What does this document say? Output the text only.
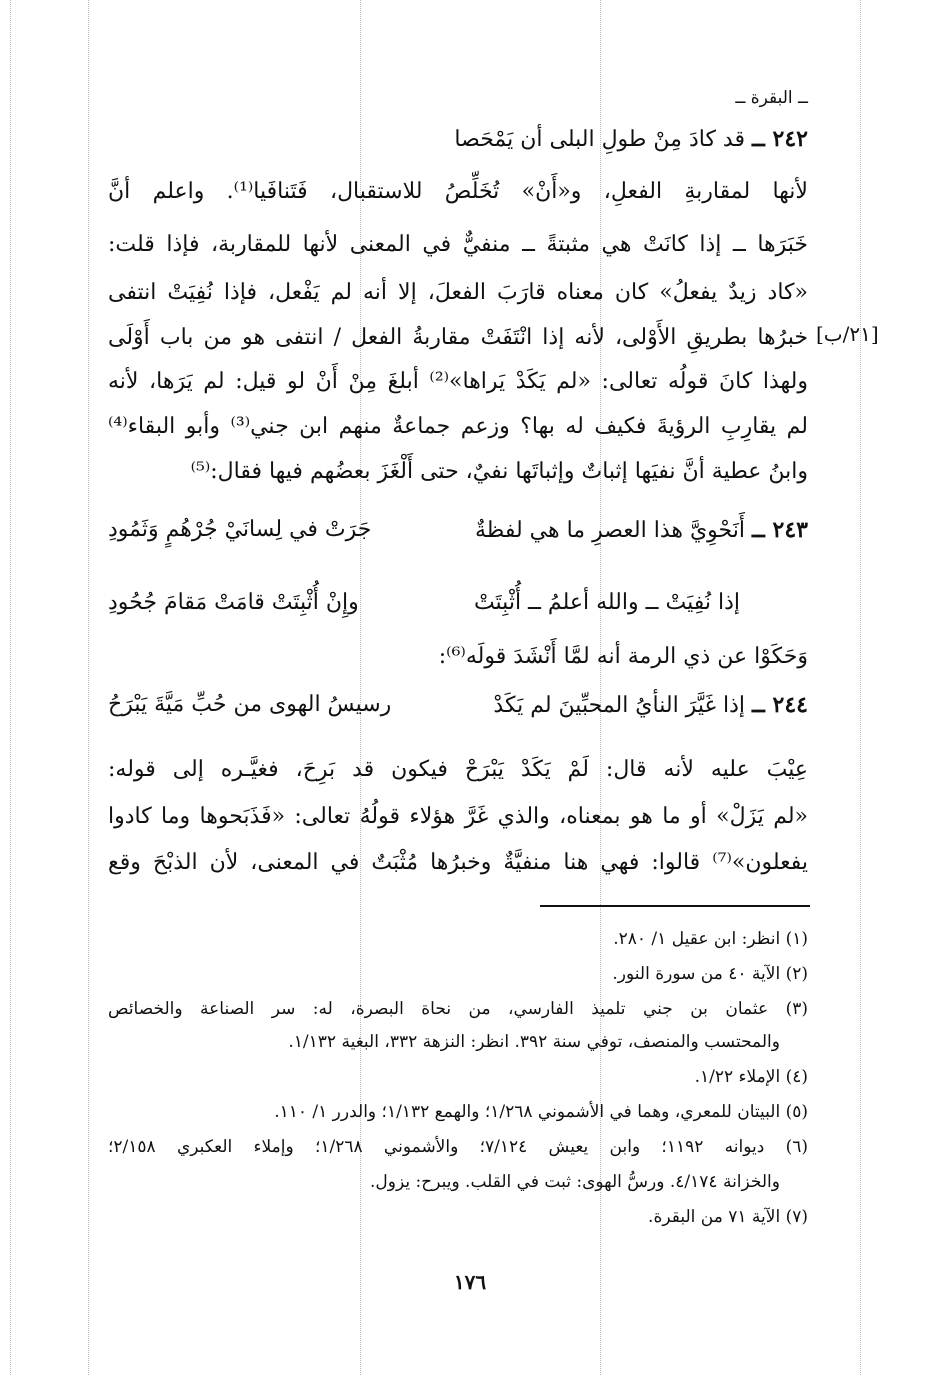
ــ البقرة ــ
٢٤٢ ــ قد كادَ مِنْ طولِ البلى أن يَمْحَصا
لأنها لمقاربةِ الفعلِ، و«أَنْ» تُخَلِّصُ للاستقبال، فَتَنافَيا⁽¹⁾. واعلم أنَّ
خَبَرَها ــ إذا كانَتْ هي مثبتةً ــ منفيٌّ في المعنى لأنها للمقاربة، فإذا قلت:
«كاد زيدٌ يفعلُ» كان معناه قارَبَ الفعلَ، إلا أنه لم يَفْعل، فإذا نُفِيَتْ انتفى
خبرُها بطريقِ الأَوْلى، لأنه إذا انْتَفَتْ مقاربةُ الفعل / انتفى هو من باب أَوْلَى
ولهذا كانَ قولُه تعالى: «لم يَكَدْ يَراها»⁽²⁾ أبلغَ مِنْ أَنْ لو قيل: لم يَرَها، لأنه
لم يقارِبِ الرؤيةَ فكيف له بها؟ وزعم جماعةٌ منهم ابن جني⁽³⁾ وأبو البقاء⁽⁴⁾
وابنُ عطية أنَّ نفيَها إثباتٌ وإثباتَها نفيٌ، حتى أَلْغَزَ بعضُهم فيها فقال:⁽⁵⁾
[٢١/ب]
٢٤٣ ــ أَنَحْوِيَّ هذا العصرِ ما هي لفظةٌ
جَرَتْ في لِسانَيْ جُرْهُمٍ وَثَمُودِ
إذا نُفِيَتْ ــ والله أعلمُ ــ أُثْبِتَتْ
وإِنْ أُثْبِتَتْ قامَتْ مَقامَ جُحُودِ
وَحَكَوْا عن ذي الرمة أنه لمَّا أَنْشَدَ قولَه⁽⁶⁾:
٢٤٤ ــ إذا غَيَّرَ النأيُ المحبِّينَ لم يَكَدْ
رسيسُ الهوى من حُبِّ مَيَّةَ يَبْرَحُ
عِيْبَ عليه لأنه قال: لَمْ يَكَدْ يَبْرَحْ فيكون قد بَرِحَ، فغيَّـره إلى قوله:
«لم يَزَلْ» أو ما هو بمعناه، والذي غَرَّ هؤلاء قولُهُ تعالى: «فَذَبَحوها وما كادوا
يفعلون»⁽⁷⁾ قالوا: فهي هنا منفيَّةٌ وخبرُها مُثْبَتٌ في المعنى، لأن الذبْحَ وقع
(١) انظر: ابن عقيل ١/ ٢٨٠.
(٢) الآية ٤٠ من سورة النور.
(٣) عثمان بن جني تلميذ الفارسي، من نحاة البصرة، له: سر الصناعة والخصائص
والمحتسب والمنصف، توفي سنة ٣٩٢. انظر: النزهة ٣٣٢، البغية ١/١٣٢.
(٤) الإملاء ١/٢٢.
(٥) البيتان للمعري، وهما في الأشموني ١/٢٦٨؛ والهمع ١/١٣٢؛ والدرر ١/ ١١٠.
(٦) ديوانه ١١٩٢؛ وابن يعيش ٧/١٢٤؛ والأشموني ١/٢٦٨؛ وإملاء العكبري ٢/١٥٨؛
والخزانة ٤/١٧٤. ورسُّ الهوى: ثبت في القلب. ويبرح: يزول.
(٧) الآية ٧١ من البقرة.
١٧٦
